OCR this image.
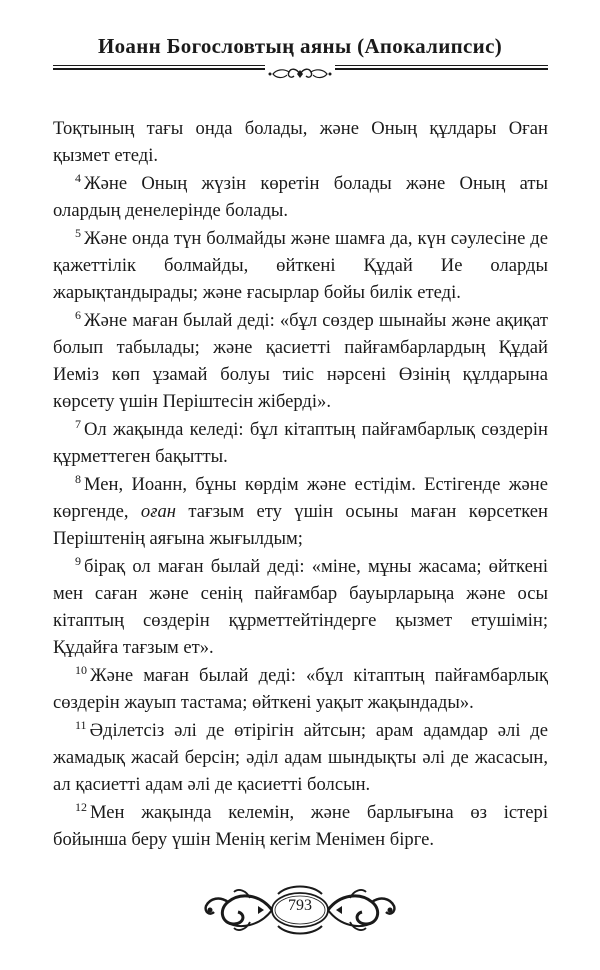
Иоанн Богословтың аяны (Апокалипсис)

Тоқтының тағы онда болады, және Оның құлдары Оған қызмет етеді.

$^4$ Және Оның жүзін көретін болады және Оның аты олардың денелерінде болады.

$^5$ Және онда түн болмайды және шамға да, күн сәулесіне де қажеттілік болмайды, өйткені Құдай Ие оларды жарықтандырады; және ғасырлар бойы билік етеді.

$^6$ Және маған былай деді: «бұл сөздер шынайы және ақиқат болып табылады; және қасиетті пайғамбарлардың Құдай Иеміз көп ұзамай болуы тиіс нәрсені Өзінің құлдарына көрсету үшін Періштесін жіберді».

$^7$ Ол жақында келеді: бұл кітаптың пайғамбарлық сөздерін құрметтеген бақытты.

$^8$ Мен, Иоанн, бұны көрдім және естідім. Естігенде және көргенде, оған тағзым ету үшін осыны маған көрсеткен Періштенің аяғына жығылдым;

$^9$ бірақ ол маған былай деді: «міне, мұны жасама; өйткені мен саған және сенің пайғамбар бауырларыңа және осы кітаптың сөздерін құрметтейтіндерге қызмет етушімін; Құдайға тағзым ет».

$^{10}$ Және маған былай деді: «бұл кітаптың пайғамбарлық сөздерін жауып тастама; өйткені уақыт жақындады».

$^{11}$ Әділетсіз әлі де өтірігін айтсын; арам адамдар әлі де жамадық жасай берсін; әділ адам шындықты әлі де жасасын, ал қасиетті адам әлі де қасиетті болсын.

$^{12}$ Мен жақында келемін, және барлығына өз істері бойынша беру үшін Менің кегім Менімен бірге.

793
